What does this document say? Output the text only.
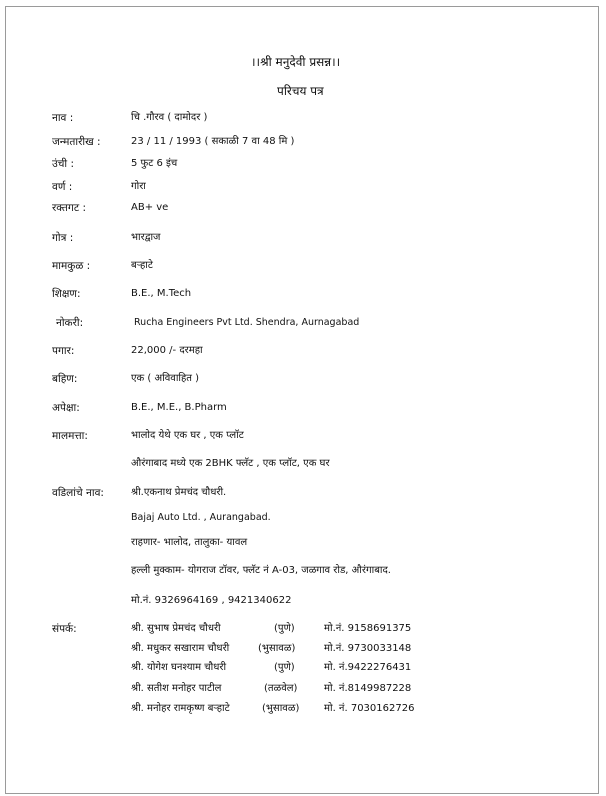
।।श्री मनुदेवी प्रसन्न।।
परिचय पत्र
नाव :	चि .गौरव ( दामोदर )
जन्मतारीख :	23 / 11 / 1993 ( सकाळी 7 वा 48 मि )
उंची :	5 फुट 6 इंच
वर्ण :	गोरा
रक्तगट :	AB+ ve
गोत्र :	भारद्वाज
मामकुळ :	बऱ्हाटे
शिक्षण:	B.E., M.Tech
नोकरी:	Rucha Engineers Pvt Ltd. Shendra, Aurnagabad
पगार:	22,000 /- दरमहा
बहिण:	एक ( अविवाहित )
अपेक्षा:	B.E., M.E., B.Pharm
मालमत्ता:	भालोद येथे एक घर , एक प्लॉट
औरंगाबाद मध्ये एक 2BHK फ्लॅट , एक प्लॉट, एक घर
वडिलांचे नाव:	श्री.एकनाथ प्रेमचंद चौधरी.
Bajaj Auto Ltd. , Aurangabad.
राहणार- भालोद, तालुका- यावल
हल्ली मुक्काम- योगराज टॉवर, फ्लॅट नं A-03, जळगाव रोड, औरंगाबाद.
मो.नं. 9326964169 , 9421340622
संपर्क:	श्री. सुभाष प्रेमचंद चौधरी	(पुणे)	मो.नं. 9158691375
श्री. मधुकर सखाराम चौधरी	(भुसावळ)	मो.नं. 9730033148
श्री. योगेश घनश्याम चौधरी	(पुणे)	मो. नं.9422276431
श्री. सतीश मनोहर पाटील	(तळवेल)	मो. नं.8149987228
श्री. मनोहर रामकृष्ण बऱ्हाटे	(भुसावळ) मो. नं. 7030162726
